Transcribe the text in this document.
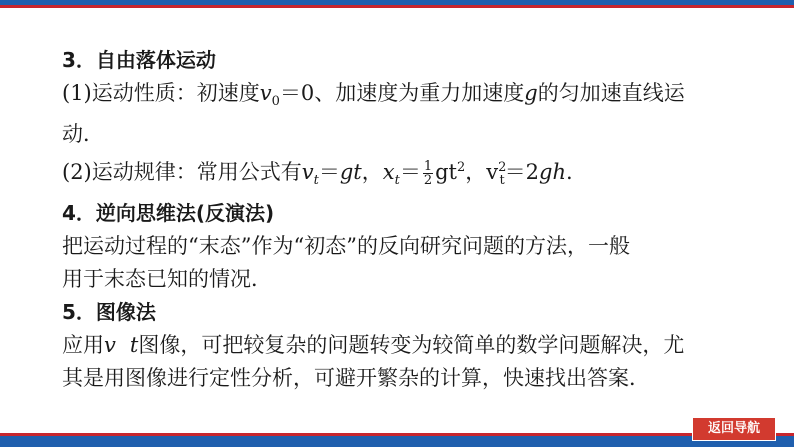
3．自由落体运动
(1)运动性质：初速度$v_0=0$、加速度为重力加速度g的匀加速直线运
动．
(2)运动规律：常用公式有$v_t=gt$，$x_t= \frac{1}{2} gt^2$，$v^2_t=2gh$.
4．逆向思维法(反演法)
把运动过程的“末态”作为“初态”的反向研究问题的方法，一般
用于末态已知的情况．
5．图像法
应用v t图像，可把较复杂的问题转变为较简单的数学问题解决，尤
其是用图像进行定性分析，可避开繁杂的计算，快速找出答案．
返回导航
